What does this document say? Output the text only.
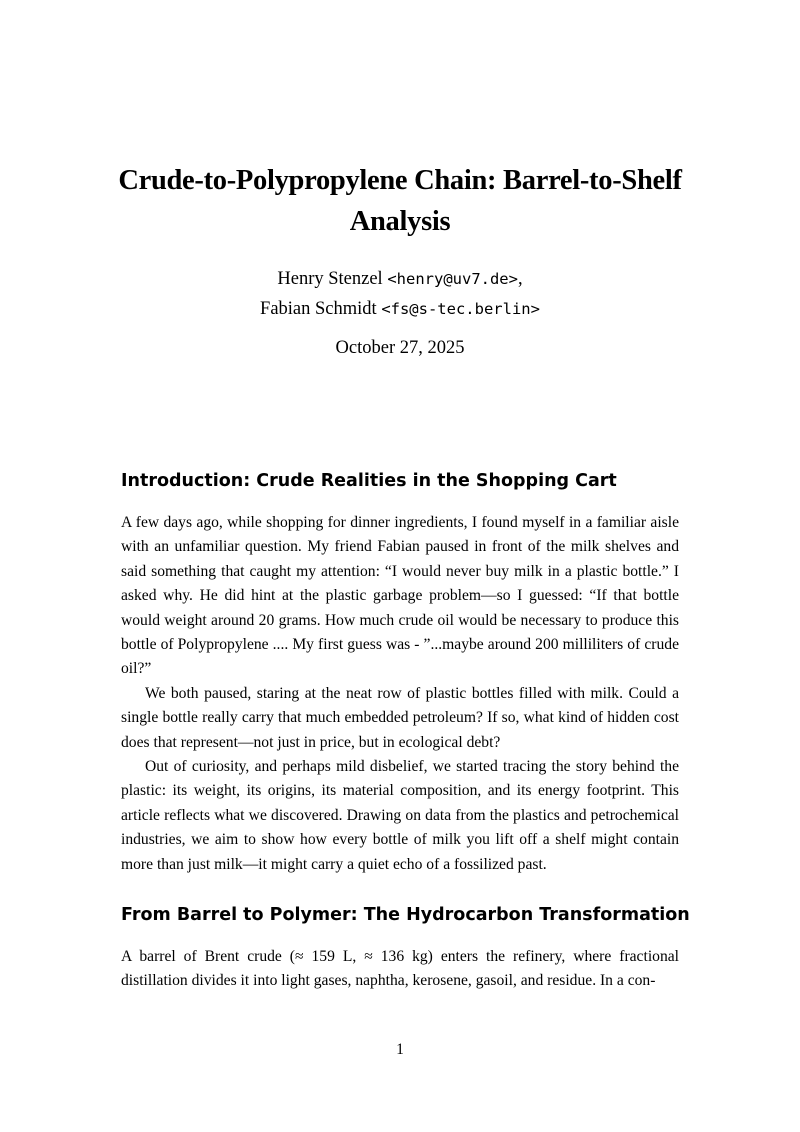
Crude-to-Polypropylene Chain: Barrel-to-Shelf Analysis
Henry Stenzel <henry@uv7.de>,
Fabian Schmidt <fs@s-tec.berlin>
October 27, 2025
Introduction: Crude Realities in the Shopping Cart

A few days ago, while shopping for dinner ingredients, I found myself in a familiar aisle with an unfamiliar question. My friend Fabian paused in front of the milk shelves and said something that caught my attention: “I would never buy milk in a plastic bottle.” I asked why. He did hint at the plastic garbage problem—so I guessed: “If that bottle would weight around 20 grams. How much crude oil would be necessary to produce this bottle of Polypropylene .... My first guess was - ”...maybe around 200 milliliters of crude oil?”

We both paused, staring at the neat row of plastic bottles filled with milk. Could a single bottle really carry that much embedded petroleum? If so, what kind of hidden cost does that represent—not just in price, but in ecological debt?

Out of curiosity, and perhaps mild disbelief, we started tracing the story behind the plastic: its weight, its origins, its material composition, and its energy footprint. This article reflects what we discovered. Drawing on data from the plastics and petrochemical industries, we aim to show how every bottle of milk you lift off a shelf might contain more than just milk—it might carry a quiet echo of a fossilized past.

From Barrel to Polymer: The Hydrocarbon Transformation

A barrel of Brent crude (≈ 159 L, ≈ 136 kg) enters the refinery, where fractional distillation divides it into light gases, naphtha, kerosene, gasoil, and residue. In a con-

1
